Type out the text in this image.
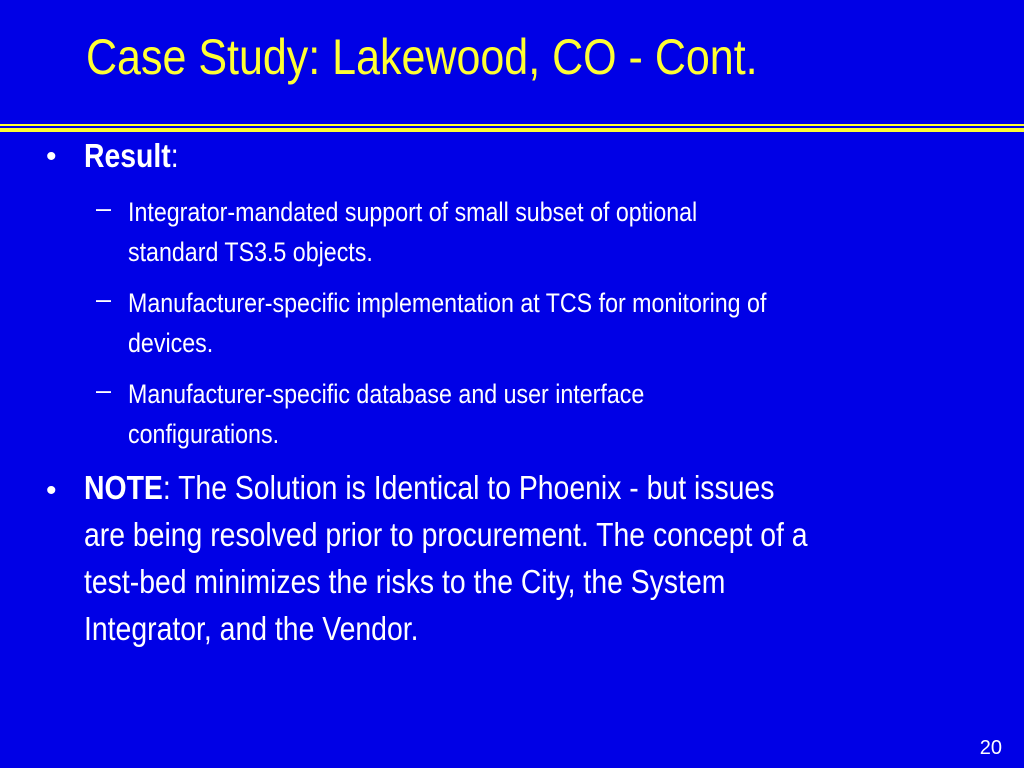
Case Study: Lakewood, CO - Cont.
• Result:
– Integrator-mandated support of small subset of optional
standard TS3.5 objects.
– Manufacturer-specific implementation at TCS for monitoring of
devices.
– Manufacturer-specific database and user interface
configurations.
• NOTE: The Solution is Identical to Phoenix - but issues
are being resolved prior to procurement. The concept of a
test-bed minimizes the risks to the City, the System
Integrator, and the Vendor.
20
